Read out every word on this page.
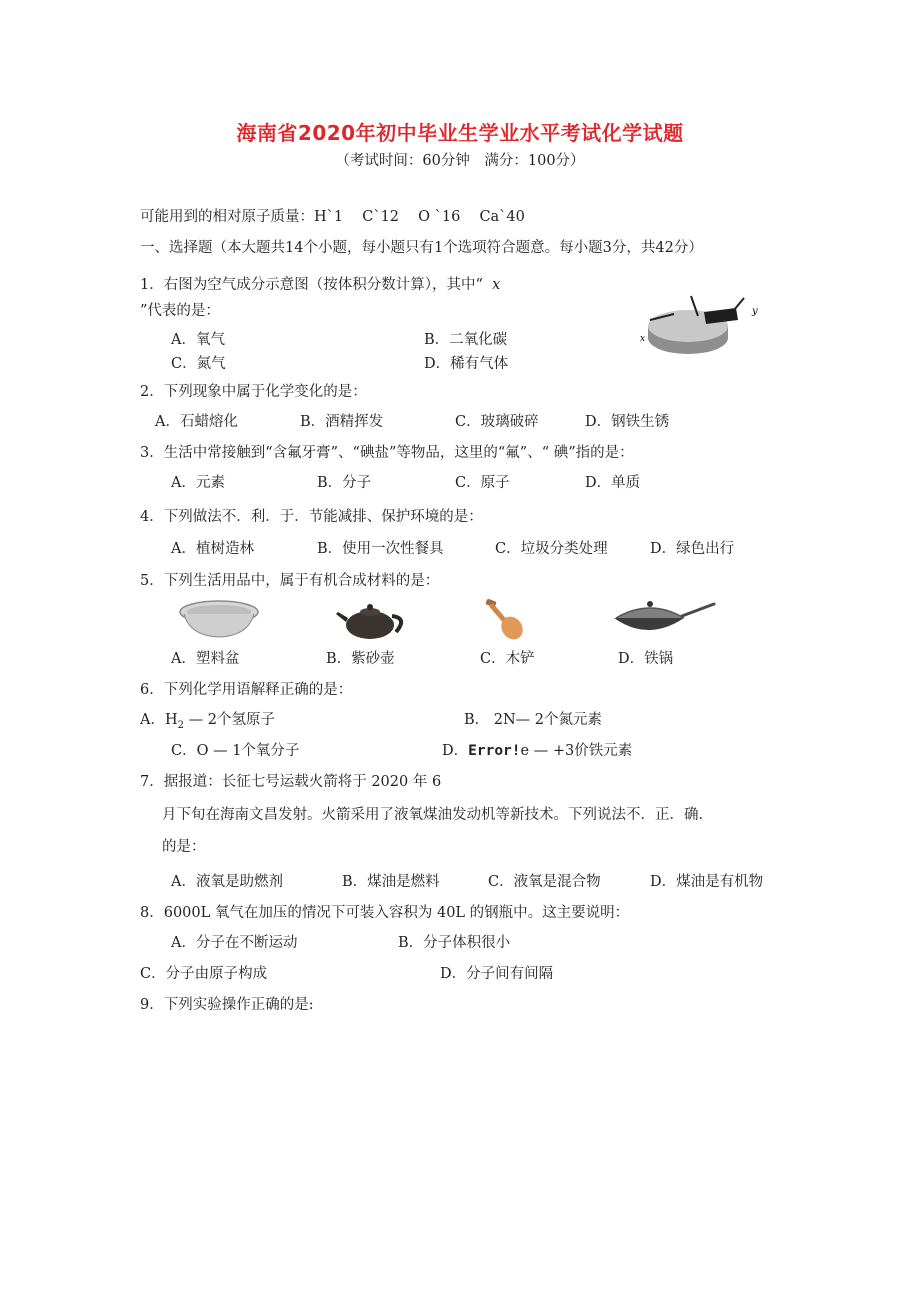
海南省2020年初中毕业生学业水平考试化学试题
（考试时间：60分钟　满分：100分）
可能用到的相对原子质量：H`1　 C`12　 O `16　 Ca`40
一、选择题（本大题共14个小题，每小题只有1个选项符合题意。每小题3分，共42分）
1．右图为空气成分示意图（按体积分数计算），其中“ x
”代表的是：
A．氧气	B．二氧化碳
C．氮气	D．稀有气体
x
y
2．下列现象中属于化学变化的是：
A．石蜡熔化	B．酒精挥发	C．玻璃破碎	D．钢铁生锈
3．生活中常接触到“含氟牙膏”、“碘盐”等物品，这里的“氟”、“ 碘”指的是：
A．元素	B．分子	C．原子	D．单质
4．下列做法不．利．于．节能减排、保护环境的是：
A．植树造林	B．使用一次性餐具	C．垃圾分类处理	D．绿色出行
5．下列生活用品中，属于有机合成材料的是：
A．塑料盆	B．紫砂壶	C．木铲	D．铁锅
6．下列化学用语解释正确的是：
A．$H_2$ — 2个氢原子	B． 2N— 2个氮元素
C．O — 1个氧分子	D．Error!e — +3价铁元素
7．据报道：长征七号运载火箭将于 2020 年 6
月下旬在海南文昌发射。火箭采用了液氧煤油发动机等新技术。下列说法不．正．确．
的是：
A．液氧是助燃剂	B．煤油是燃料	C．液氧是混合物	D．煤油是有机物
8．6000L 氧气在加压的情况下可装入容积为 40L 的钢瓶中。这主要说明：
A．分子在不断运动	B．分子体积很小
C．分子由原子构成	D．分子间有间隔
9．下列实验操作正确的是:
